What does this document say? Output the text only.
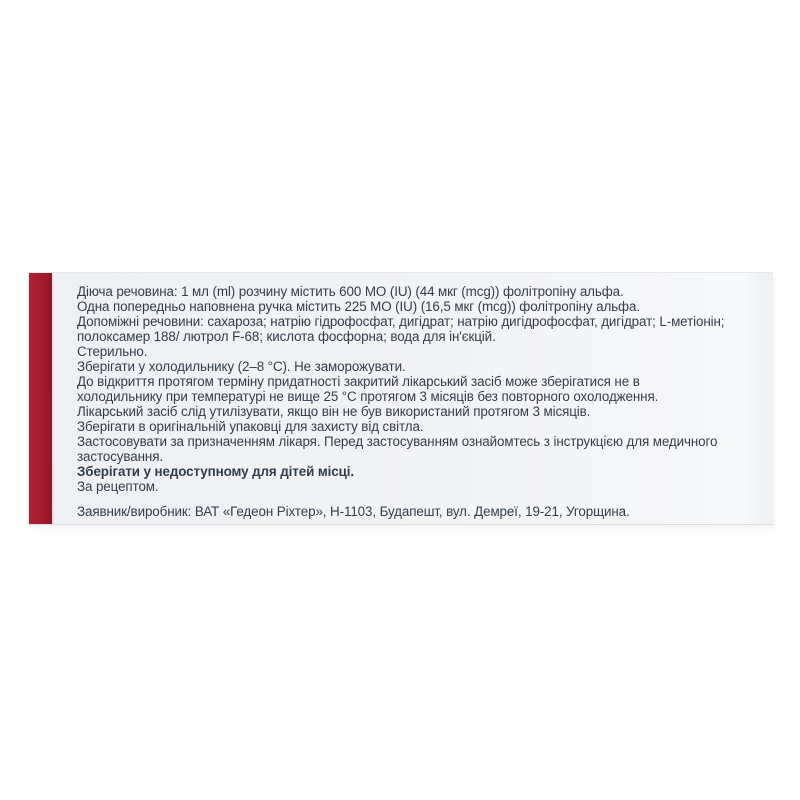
Діюча речовина: 1 мл (ml) розчину містить 600 МО (IU) (44 мкг (mcg)) фолітропіну альфа.
Одна попередньо наповнена ручка містить 225 МО (IU) (16,5 мкг (mcg)) фолітропіну альфа.
Допоміжні речовини: сахароза; натрію гідрофосфат, дигідрат; натрію дигідрофосфат, дигідрат; L-метіонін;
полоксамер 188/ лютрол F-68; кислота фосфорна; вода для ін'єкцій.
Стерильно.
Зберігати у холодильнику (2–8 °С). Не заморожувати.
До відкриття протягом терміну придатності закритий лікарський засіб може зберігатися не в
холодильнику при температурі не вище 25 °С протягом 3 місяців без повторного охолодження.
Лікарський засіб слід утилізувати, якщо він не був використаний протягом 3 місяців.
Зберігати в оригінальній упаковці для захисту від світла.
Застосовувати за призначенням лікаря. Перед застосуванням ознайомтесь з інструкцією для медичного
застосування.
Зберігати у недоступному для дітей місці.
За рецептом.
Заявник/виробник: ВАТ «Гедеон Ріхтер», Н-1103, Будапешт, вул. Демреї, 19-21, Угорщина.
